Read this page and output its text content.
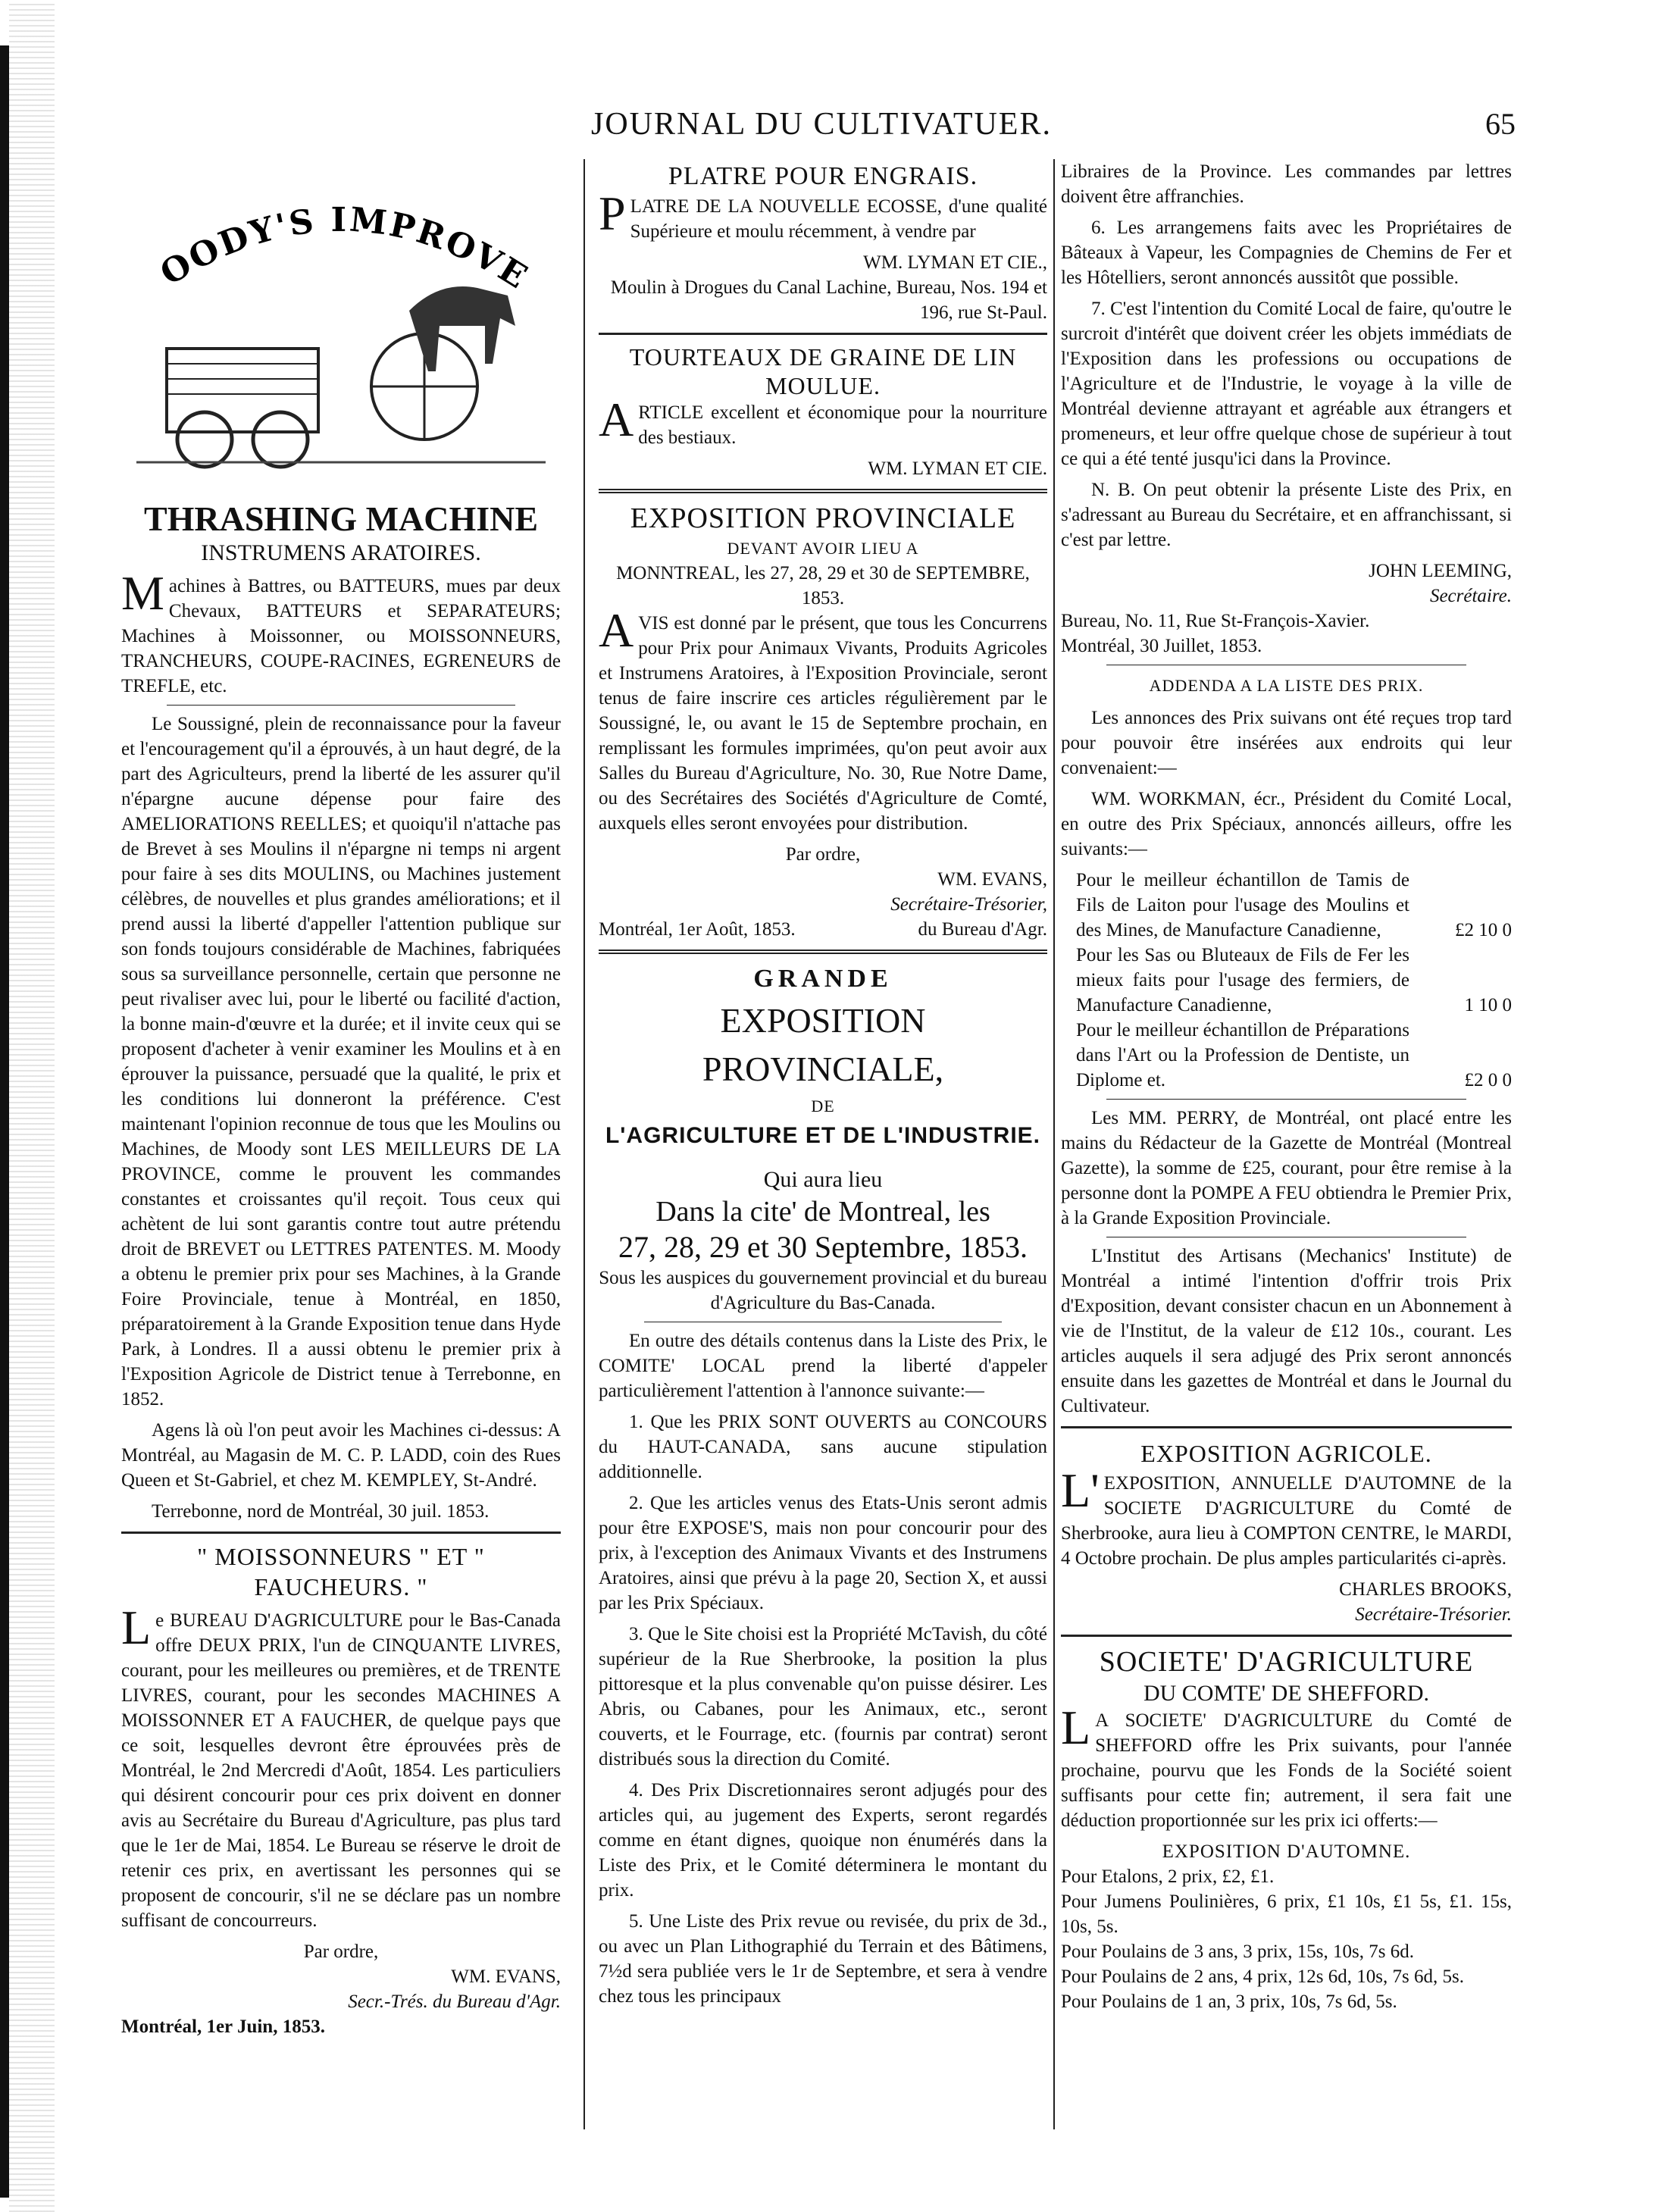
JOURNAL DU CULTIVATUER.	65
OODY'S IMPROVE
THRASHING MACHINE
INSTRUMENS ARATOIRES.

Machines à Battres, ou BATTEURS, mues par deux Chevaux, BATTEURS et SEPARATEURS; Machines à Moissonner, ou MOISSONNEURS, TRANCHEURS, COUPE-RACINES, EGRENEURS de TREFLE, etc.

Le Soussigné, plein de reconnaissance pour la faveur et l'encouragement qu'il a éprouvés, à un haut degré, de la part des Agriculteurs, prend la liberté de les assurer qu'il n'épargne aucune dépense pour faire des AMELIORATIONS REELLES; et quoiqu'il n'attache pas de Brevet à ses Moulins il n'épargne ni temps ni argent pour faire à ses dits MOULINS, ou Machines justement célèbres, de nouvelles et plus grandes améliorations; et il prend aussi la liberté d'appeller l'attention publique sur son fonds toujours considérable de Machines, fabriquées sous sa surveillance personnelle, certain que personne ne peut rivaliser avec lui, pour le liberté ou facilité d'action, la bonne main-d'œuvre et la durée; et il invite ceux qui se proposent d'acheter à venir examiner les Moulins et à en éprouver la puissance, persuadé que la qualité, le prix et les conditions lui donneront la préférence. C'est maintenant l'opinion reconnue de tous que les Moulins ou Machines, de Moody sont LES MEILLEURS DE LA PROVINCE, comme le prouvent les commandes constantes et croissantes qu'il reçoit. Tous ceux qui achètent de lui sont garantis contre tout autre prétendu droit de BREVET ou LETTRES PATENTES. M. Moody a obtenu le premier prix pour ses Machines, à la Grande Foire Provinciale, tenue à Montréal, en 1850, préparatoirement à la Grande Exposition tenue dans Hyde Park, à Londres. Il a aussi obtenu le premier prix à l'Exposition Agricole de District tenue à Terrebonne, en 1852.

Agens là où l'on peut avoir les Machines ci-dessus: A Montréal, au Magasin de M. C. P. LADD, coin des Rues Queen et St-Gabriel, et chez M. KEMPLEY, St-André.

Terrebonne, nord de Montréal, 30 juil. 1853.

" MOISSONNEURS " ET " FAUCHEURS. "

Le BUREAU D'AGRICULTURE pour le Bas-Canada offre DEUX PRIX, l'un de CINQUANTE LIVRES, courant, pour les meilleures ou premières, et de TRENTE LIVRES, courant, pour les secondes MACHINES A MOISSONNER ET A FAUCHER, de quelque pays que ce soit, lesquelles devront être éprouvées près de Montréal, le 2nd Mercredi d'Août, 1854. Les particuliers qui désirent concourir pour ces prix doivent en donner avis au Secrétaire du Bureau d'Agriculture, pas plus tard que le 1er de Mai, 1854. Le Bureau se réserve le droit de retenir ces prix, en avertissant les personnes qui se proposent de concourir, s'il ne se déclare pas un nombre suffisant de concourreurs.

Par ordre,
WM. EVANS,
Secr.-Trés. du Bureau d'Agr.
Montréal, 1er Juin, 1853.
PLATRE POUR ENGRAIS.

PLATRE DE LA NOUVELLE ECOSSE, d'une qualité Supérieure et moulu récemment, à vendre par

WM. LYMAN ET CIE.,
Moulin à Drogues du Canal Lachine, Bureau, Nos. 194 et 196, rue St-Paul.
TOURTEAUX DE GRAINE DE LIN MOULUE.

ARTICLE excellent et économique pour la nourriture des bestiaux.

WM. LYMAN ET CIE.
EXPOSITION PROVINCIALE
DEVANT AVOIR LIEU A
MONNTREAL, les 27, 28, 29 et 30 de SEPTEMBRE, 1853.

AVIS est donné par le présent, que tous les Concurrens pour Prix pour Animaux Vivants, Produits Agricoles et Instrumens Aratoires, à l'Exposition Provinciale, seront tenus de faire inscrire ces articles régulièrement par le Soussigné, le, ou avant le 15 de Septembre prochain, en remplissant les formules imprimées, qu'on peut avoir aux Salles du Bureau d'Agriculture, No. 30, Rue Notre Dame, ou des Secrétaires des Sociétés d'Agriculture de Comté, auxquels elles seront envoyées pour distribution.

Par ordre,
WM. EVANS,
Secrétaire-Trésorier,
Montréal, 1er Août, 1853.	du Bureau d'Agr.
GRANDE
EXPOSITION PROVINCIALE,
DE
L'AGRICULTURE ET DE L'INDUSTRIE.
Qui aura lieu
Dans la cite' de Montreal, les
27, 28, 29 et 30 Septembre, 1853.
Sous les auspices du gouvernement provincial et du bureau d'Agriculture du Bas-Canada.

En outre des détails contenus dans la Liste des Prix, le COMITE' LOCAL prend la liberté d'appeler particulièrement l'attention à l'annonce suivante:—

1. Que les PRIX SONT OUVERTS au CONCOURS du HAUT-CANADA, sans aucune stipulation additionnelle.

2. Que les articles venus des Etats-Unis seront admis pour être EXPOSE'S, mais non pour concourir pour des prix, à l'exception des Animaux Vivants et des Instrumens Aratoires, ainsi que prévu à la page 20, Section X, et aussi par les Prix Spéciaux.

3. Que le Site choisi est la Propriété McTavish, du côté supérieur de la Rue Sherbrooke, la position la plus pittoresque et la plus convenable qu'on puisse désirer. Les Abris, ou Cabanes, pour les Animaux, etc., seront couverts, et le Fourrage, etc. (fournis par contrat) seront distribués sous la direction du Comité.

4. Des Prix Discretionnaires seront adjugés pour des articles qui, au jugement des Experts, seront regardés comme en étant dignes, quoique non énumérés dans la Liste des Prix, et le Comité déterminera le montant du prix.

5. Une Liste des Prix revue ou revisée, du prix de 3d., ou avec un Plan Lithographié du Terrain et des Bâtimens, 7½d sera publiée vers le 1r de Septembre, et sera à vendre chez tous les principaux

Libraires de la Province. Les commandes par lettres doivent être affranchies.

6. Les arrangemens faits avec les Propriétaires de Bâteaux à Vapeur, les Compagnies de Chemins de Fer et les Hôtelliers, seront annoncés aussitôt que possible.

7. C'est l'intention du Comité Local de faire, qu'outre le surcroit d'intérêt que doivent créer les objets immédiats de l'Exposition dans les professions ou occupations de l'Agriculture et de l'Industrie, le voyage à la ville de Montréal devienne attrayant et agréable aux étrangers et promeneurs, et leur offre quelque chose de supérieur à tout ce qui a été tenté jusqu'ici dans la Province.

N. B. On peut obtenir la présente Liste des Prix, en s'adressant au Bureau du Secrétaire, et en affranchissant, si c'est par lettre.

JOHN LEEMING,
Secrétaire.
Bureau, No. 11, Rue St-François-Xavier.
Montréal, 30 Juillet, 1853.
ADDENDA A LA LISTE DES PRIX.

Les annonces des Prix suivans ont été reçues trop tard pour pouvoir être insérées aux endroits qui leur convenaient:—

WM. WORKMAN, écr., Président du Comité Local, en outre des Prix Spéciaux, annoncés ailleurs, offre les suivants:—

Pour le meilleur échantillon de Tamis de Fils de Laiton pour l'usage des Moulins et des Mines, de Manufacture Canadienne,	£2 10 0
Pour les Sas ou Bluteaux de Fils de Fer les mieux faits pour l'usage des fermiers, de Manufacture Canadienne,	1 10 0
Pour le meilleur échantillon de Préparations dans l'Art ou la Profession de Dentiste, un Diplome et.	£2 0 0

Les MM. PERRY, de Montréal, ont placé entre les mains du Rédacteur de la Gazette de Montréal (Montreal Gazette), la somme de £25, courant, pour être remise à la personne dont la POMPE A FEU obtiendra le Premier Prix, à la Grande Exposition Provinciale.

L'Institut des Artisans (Mechanics' Institute) de Montréal a intimé l'intention d'offrir trois Prix d'Exposition, devant consister chacun en un Abonnement à vie de l'Institut, de la valeur de £12 10s., courant. Les articles auquels il sera adjugé des Prix seront annoncés ensuite dans les gazettes de Montréal et dans le Journal du Cultivateur.

EXPOSITION AGRICOLE.

L'EXPOSITION, ANNUELLE D'AUTOMNE de la SOCIETE D'AGRICULTURE du Comté de Sherbrooke, aura lieu à COMPTON CENTRE, le MARDI, 4 Octobre prochain. De plus amples particularités ci-après.

CHARLES BROOKS,
Secrétaire-Trésorier.
SOCIETE' D'AGRICULTURE
DU COMTE' DE SHEFFORD.

LA SOCIETE' D'AGRICULTURE du Comté de SHEFFORD offre les Prix suivants, pour l'année prochaine, pourvu que les Fonds de la Société soient suffisants pour cette fin; autrement, il sera fait une déduction proportionnée sur les prix ici offerts:—

EXPOSITION D'AUTOMNE.
Pour Etalons, 2 prix, £2, £1.
Pour Jumens Poulinières, 6 prix, £1 10s, £1 5s, £1. 15s, 10s, 5s.
Pour Poulains de 3 ans, 3 prix, 15s, 10s, 7s 6d.
Pour Poulains de 2 ans, 4 prix, 12s 6d, 10s, 7s 6d, 5s.
Pour Poulains de 1 an, 3 prix, 10s, 7s 6d, 5s.
